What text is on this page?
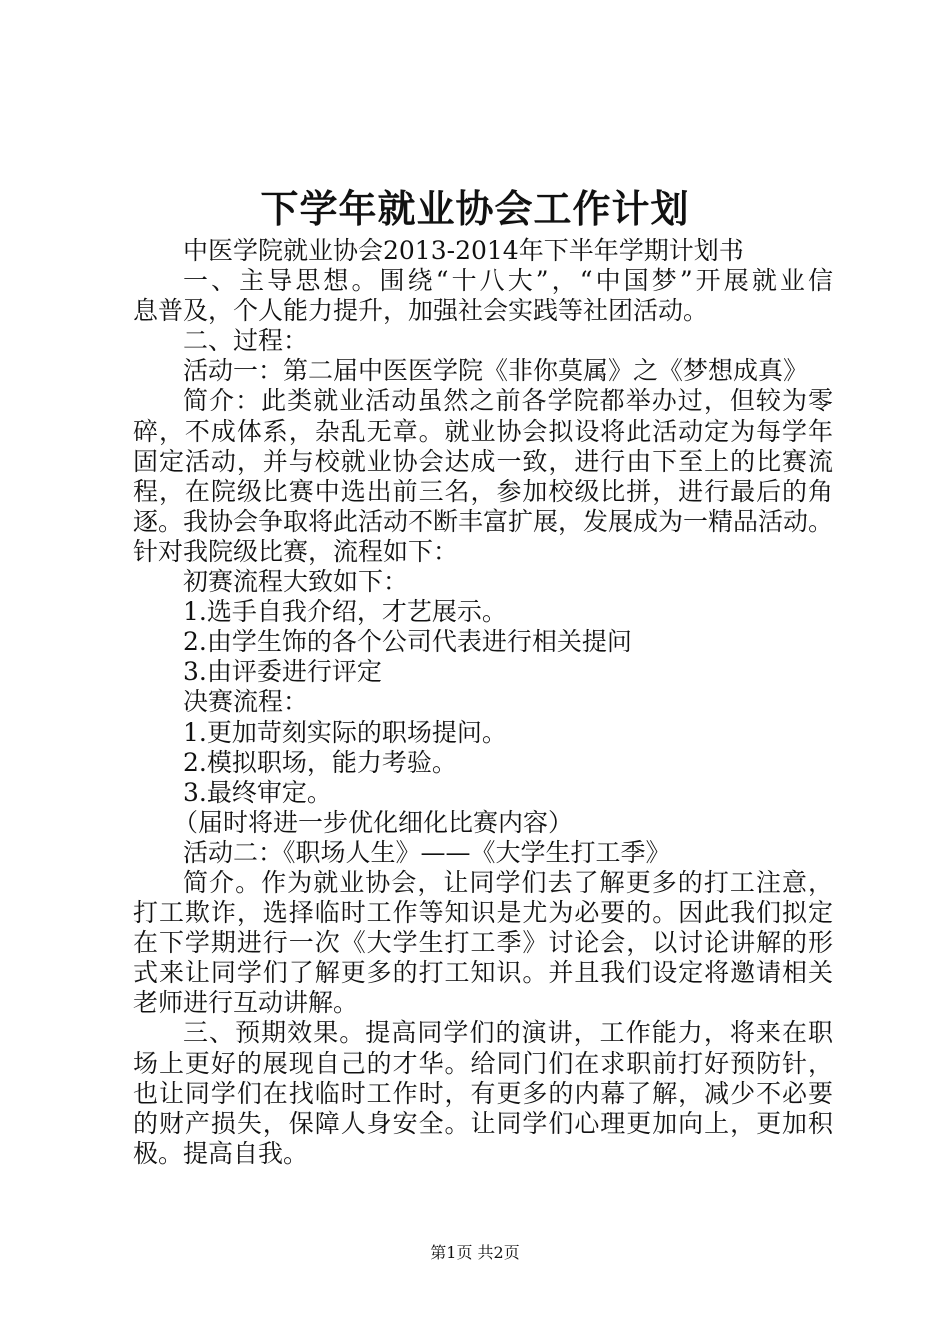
下学年就业协会工作计划
中医学院就业协会2013-2014年下半年学期计划书
一、主导思想。围绕“十八大”，“中国梦”开展就业信
息普及，个人能力提升，加强社会实践等社团活动。
二、过程：
活动一：第二届中医医学院《非你莫属》之《梦想成真》
简介：此类就业活动虽然之前各学院都举办过，但较为零
碎，不成体系，杂乱无章。就业协会拟设将此活动定为每学年
固定活动，并与校就业协会达成一致，进行由下至上的比赛流
程，在院级比赛中选出前三名，参加校级比拼，进行最后的角
逐。我协会争取将此活动不断丰富扩展，发展成为一精品活动。
针对我院级比赛，流程如下：
初赛流程大致如下：
1.选手自我介绍，才艺展示。
2.由学生饰的各个公司代表进行相关提问
3.由评委进行评定
决赛流程：
1.更加苛刻实际的职场提问。
2.模拟职场，能力考验。
3.最终审定。
（届时将进一步优化细化比赛内容）
活动二：《职场人生》——《大学生打工季》
简介。作为就业协会，让同学们去了解更多的打工注意，
打工欺诈，选择临时工作等知识是尤为必要的。因此我们拟定
在下学期进行一次《大学生打工季》讨论会，以讨论讲解的形
式来让同学们了解更多的打工知识。并且我们设定将邀请相关
老师进行互动讲解。
三、预期效果。提高同学们的演讲，工作能力，将来在职
场上更好的展现自己的才华。给同门们在求职前打好预防针，
也让同学们在找临时工作时，有更多的内幕了解，减少不必要
的财产损失，保障人身安全。让同学们心理更加向上，更加积
极。提高自我。
第1页 共2页
